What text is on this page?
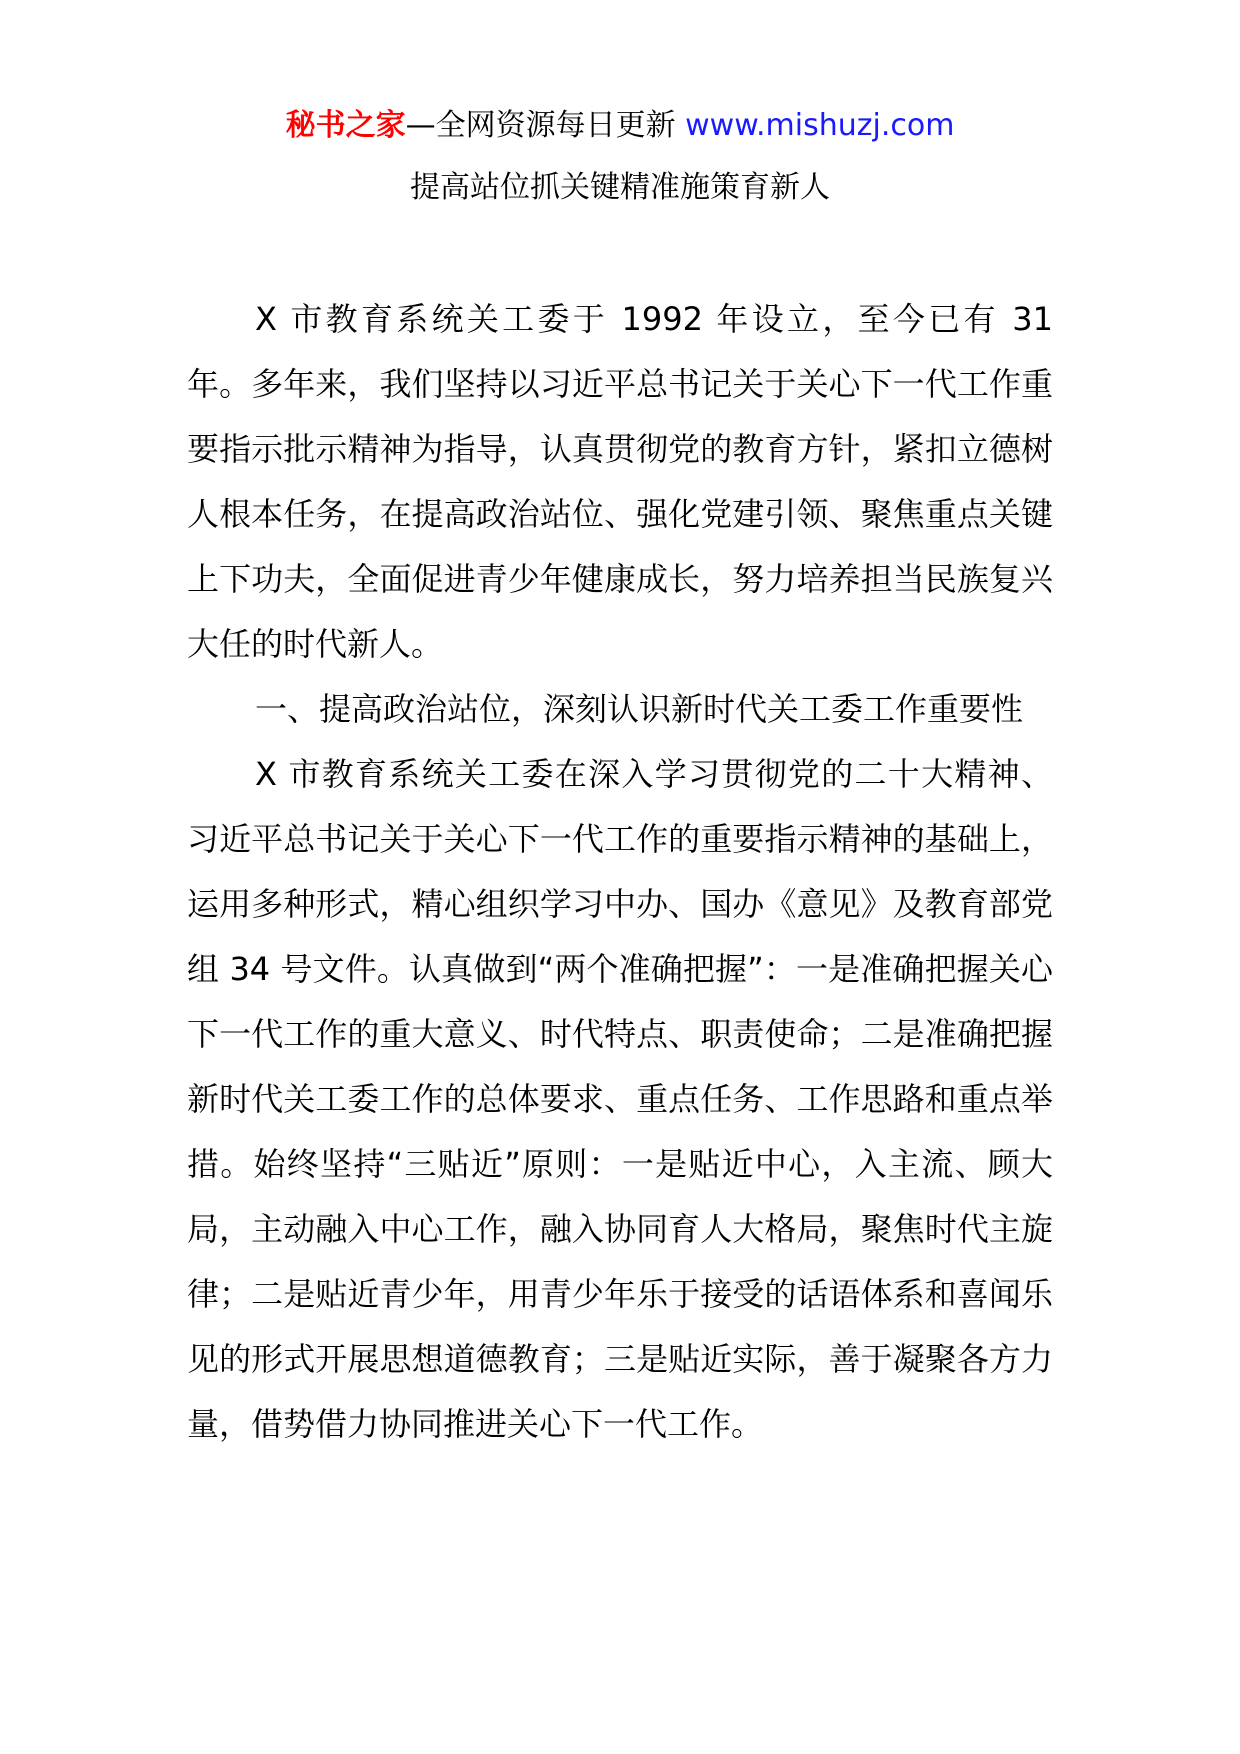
秘书之家—全网资源每日更新 www.mishuzj.com
提高站位抓关键精准施策育新人

X 市教育系统关工委于 1992 年设立，至今已有 31 年。多年来，我们坚持以习近平总书记关于关心下一代工作重要指示批示精神为指导，认真贯彻党的教育方针，紧扣立德树人根本任务，在提高政治站位、强化党建引领、聚焦重点关键上下功夫，全面促进青少年健康成长，努力培养担当民族复兴大任的时代新人。

一、提高政治站位，深刻认识新时代关工委工作重要性

X 市教育系统关工委在深入学习贯彻党的二十大精神、习近平总书记关于关心下一代工作的重要指示精神的基础上，运用多种形式，精心组织学习中办、国办《意见》及教育部党组 34 号文件。认真做到“两个准确把握”：一是准确把握关心下一代工作的重大意义、时代特点、职责使命；二是准确把握新时代关工委工作的总体要求、重点任务、工作思路和重点举措。始终坚持“三贴近”原则：一是贴近中心，入主流、顾大局，主动融入中心工作，融入协同育人大格局，聚焦时代主旋律；二是贴近青少年，用青少年乐于接受的话语体系和喜闻乐见的形式开展思想道德教育；三是贴近实际，善于凝聚各方力量，借势借力协同推进关心下一代工作。
